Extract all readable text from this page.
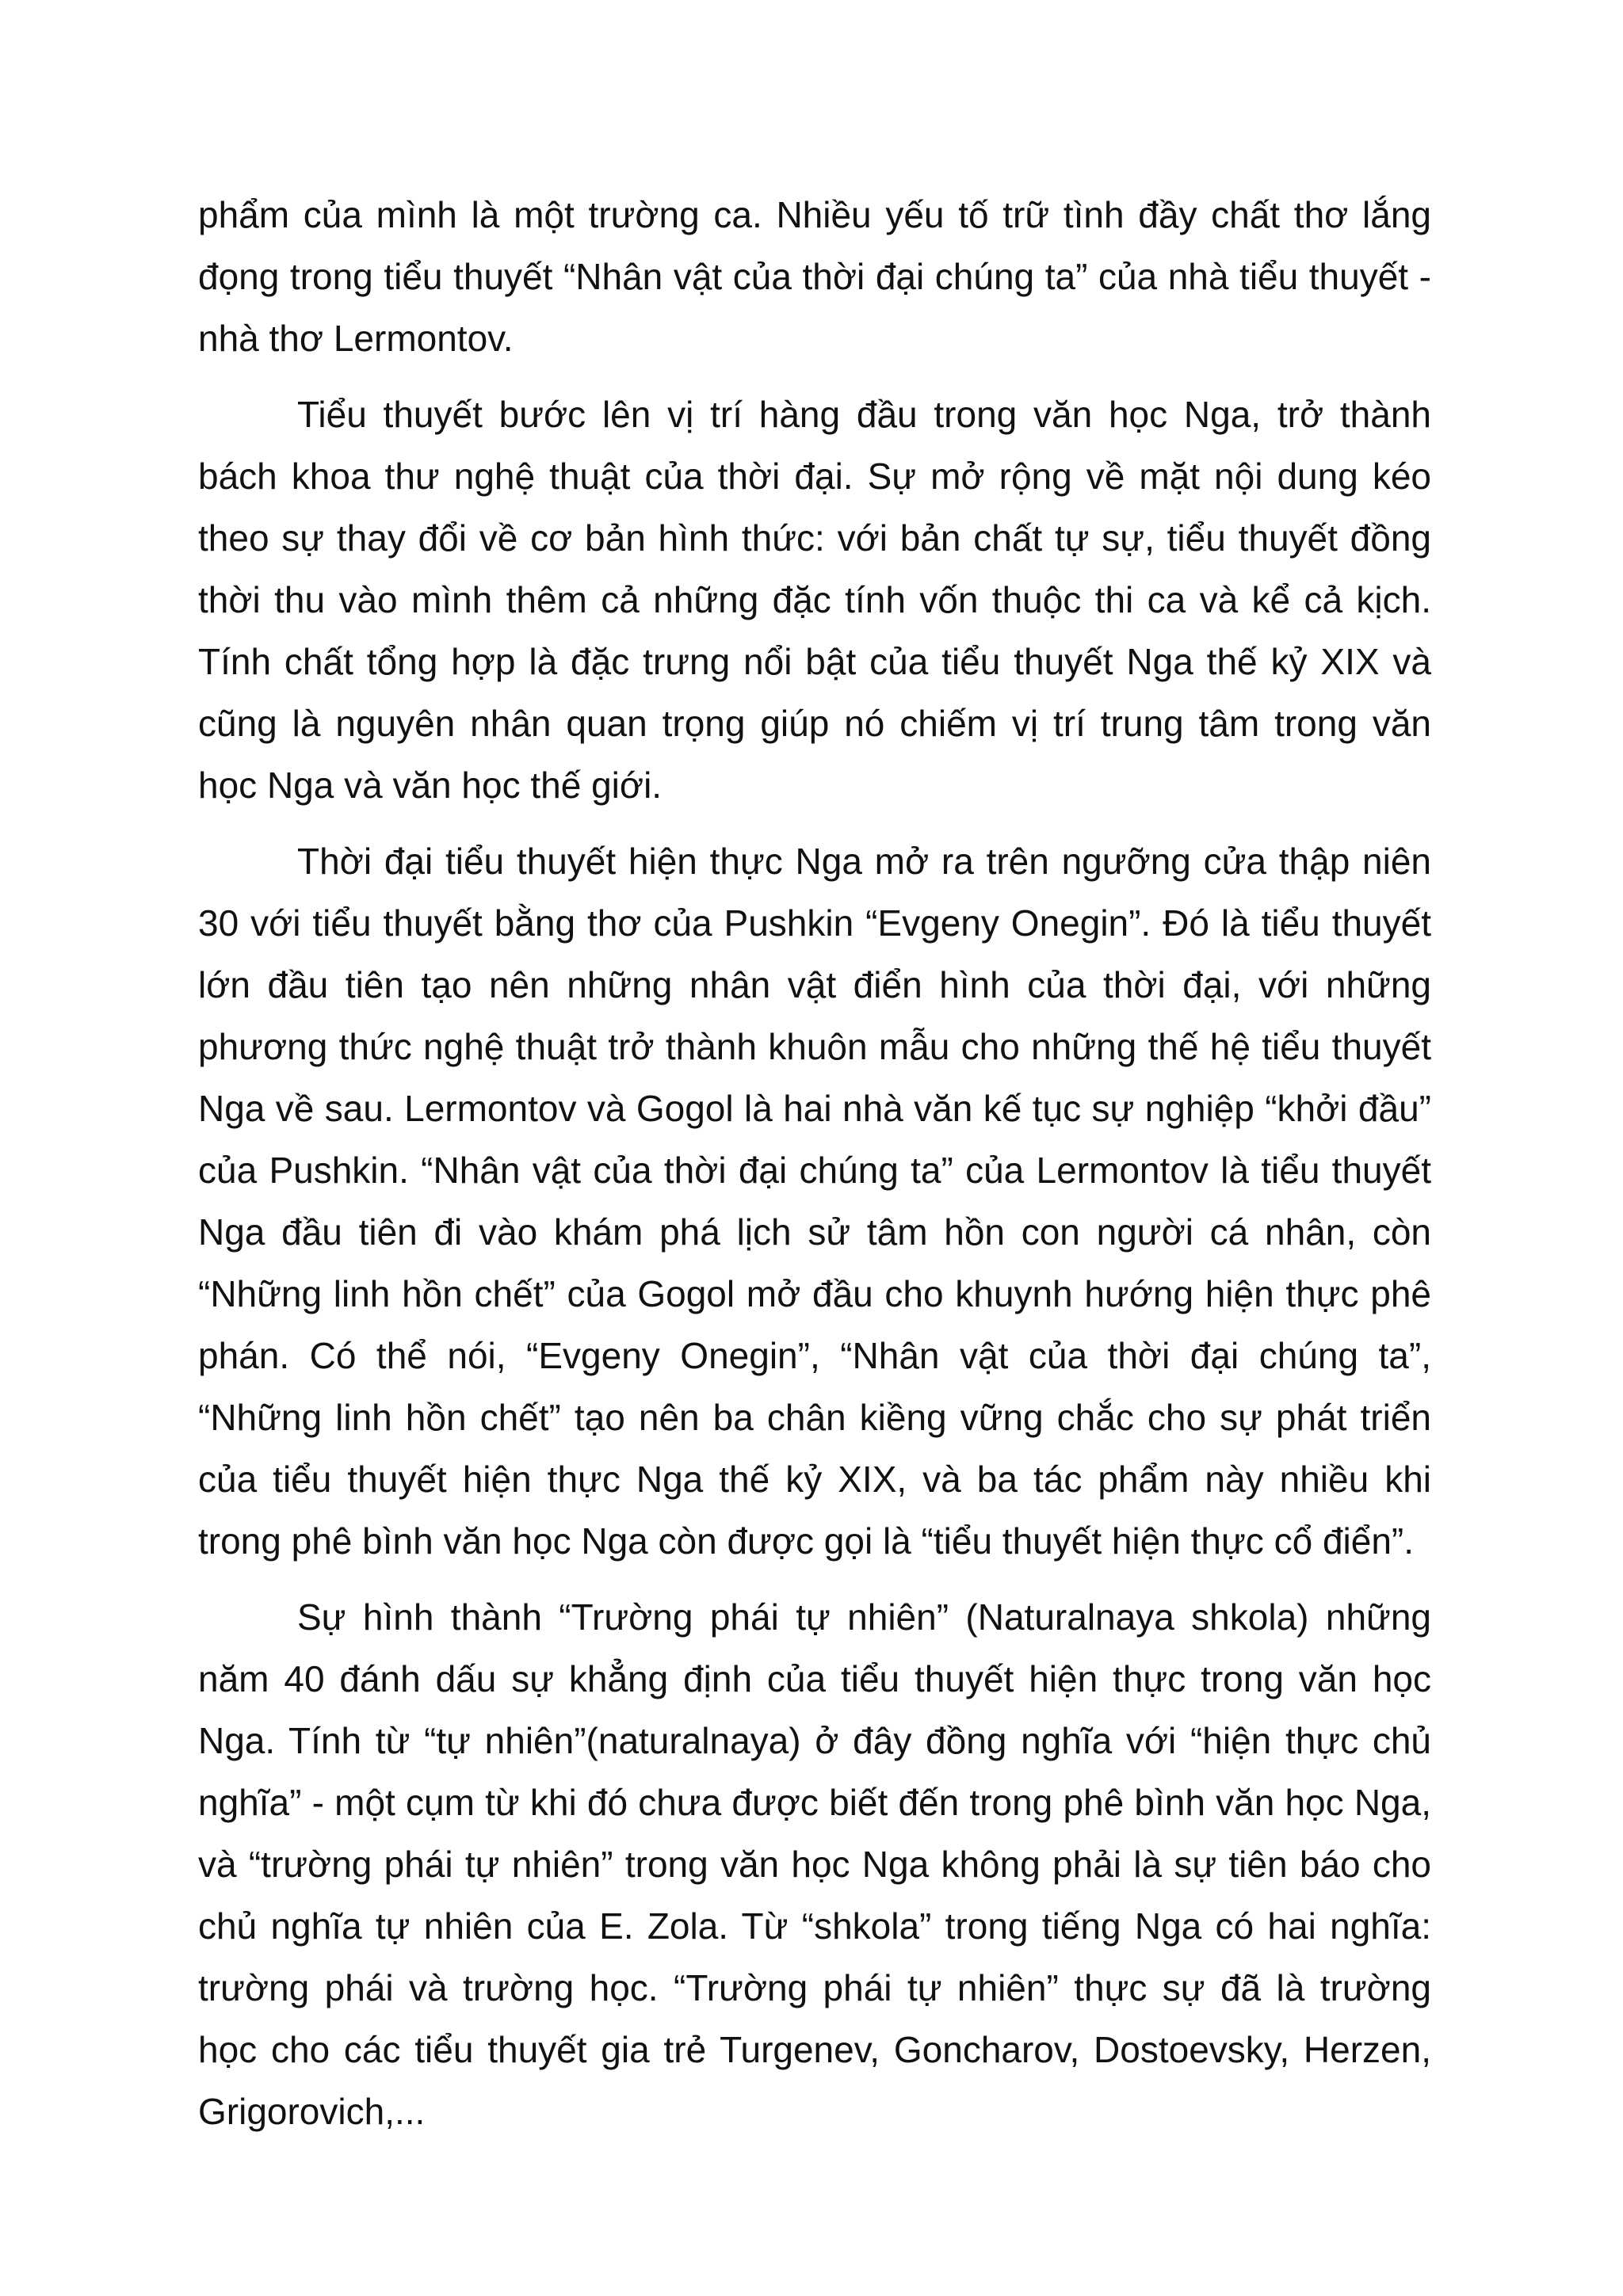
phẩm của mình là một trường ca. Nhiều yếu tố trữ tình đầy chất thơ lắng đọng trong tiểu thuyết “Nhân vật của thời đại chúng ta” của nhà tiểu thuyết - nhà thơ Lermontov.

Tiểu thuyết bước lên vị trí hàng đầu trong văn học Nga, trở thành bách khoa thư nghệ thuật của thời đại. Sự mở rộng về mặt nội dung kéo theo sự thay đổi về cơ bản hình thức: với bản chất tự sự, tiểu thuyết đồng thời thu vào mình thêm cả những đặc tính vốn thuộc thi ca và kể cả kịch. Tính chất tổng hợp là đặc trưng nổi bật của tiểu thuyết Nga thế kỷ XIX và cũng là nguyên nhân quan trọng giúp nó chiếm vị trí trung tâm trong văn học Nga và văn học thế giới.

Thời đại tiểu thuyết hiện thực Nga mở ra trên ngưỡng cửa thập niên 30 với tiểu thuyết bằng thơ của Pushkin “Evgeny Onegin”. Đó là tiểu thuyết lớn đầu tiên tạo nên những nhân vật điển hình của thời đại, với những phương thức nghệ thuật trở thành khuôn mẫu cho những thế hệ tiểu thuyết Nga về sau. Lermontov và Gogol là hai nhà văn kế tục sự nghiệp “khởi đầu” của Pushkin. “Nhân vật của thời đại chúng ta” của Lermontov là tiểu thuyết Nga đầu tiên đi vào khám phá lịch sử tâm hồn con người cá nhân, còn “Những linh hồn chết” của Gogol mở đầu cho khuynh hướng hiện thực phê phán. Có thể nói, “Evgeny Onegin”, “Nhân vật của thời đại chúng ta”, “Những linh hồn chết” tạo nên ba chân kiềng vững chắc cho sự phát triển của tiểu thuyết hiện thực Nga thế kỷ XIX, và ba tác phẩm này nhiều khi trong phê bình văn học Nga còn được gọi là “tiểu thuyết hiện thực cổ điển”.

Sự hình thành “Trường phái tự nhiên” (Naturalnaya shkola) những năm 40 đánh dấu sự khẳng định của tiểu thuyết hiện thực trong văn học Nga. Tính từ “tự nhiên”(naturalnaya) ở đây đồng nghĩa với “hiện thực chủ nghĩa” - một cụm từ khi đó chưa được biết đến trong phê bình văn học Nga, và “trường phái tự nhiên” trong văn học Nga không phải là sự tiên báo cho chủ nghĩa tự nhiên của E. Zola. Từ “shkola” trong tiếng Nga có hai nghĩa: trường phái và trường học. “Trường phái tự nhiên” thực sự đã là trường học cho các tiểu thuyết gia trẻ Turgenev, Goncharov, Dostoevsky, Herzen, Grigorovich,...
